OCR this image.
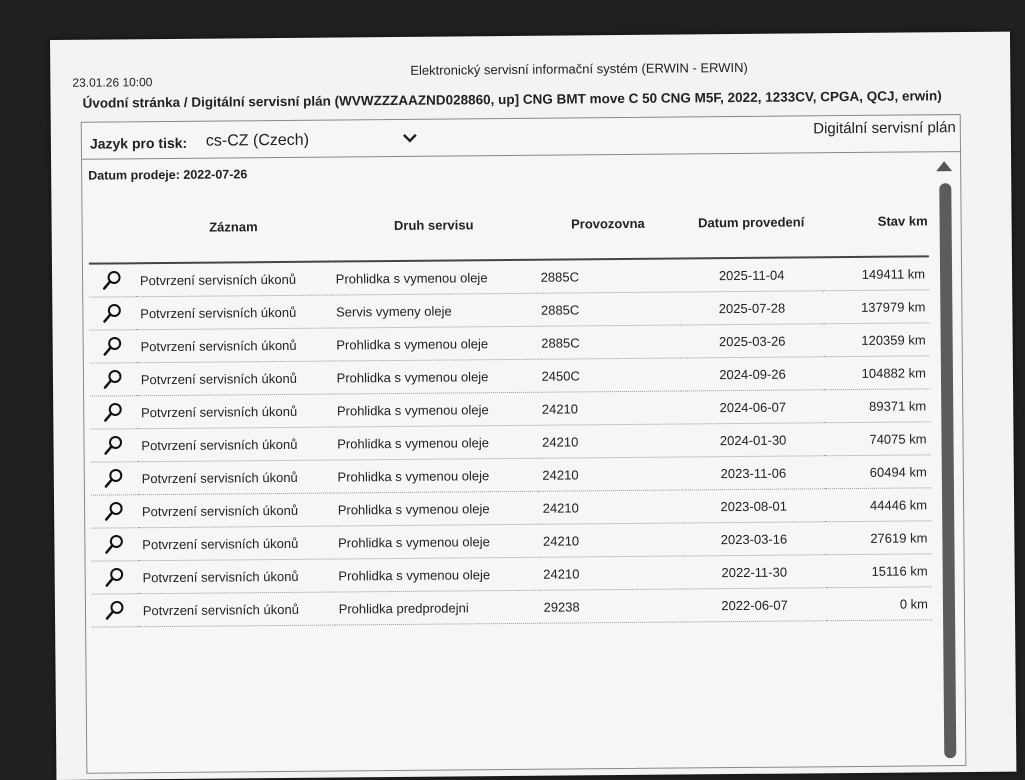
23.01.26 10:00
Elektronický servisní informační systém (ERWIN - ERWIN)
Úvodní stránka / Digitální servisní plán (WVWZZZAAZND028860, up] CNG BMT move C 50 CNG M5F, 2022, 1233CV, CPGA, QCJ, erwin)
Jazyk pro tisk: cs-CZ (Czech)
Digitální servisní plán
Datum prodeje: 2022-07-26
	Záznam	Druh servisu	Provozovna	Datum provedení	Stav km

	Potvrzení servisních úkonů	Prohlidka s vymenou oleje	2885C	2025-11-04	149411 km
	Potvrzení servisních úkonů	Servis vymeny oleje	2885C	2025-07-28	137979 km
	Potvrzení servisních úkonů	Prohlidka s vymenou oleje	2885C	2025-03-26	120359 km
	Potvrzení servisních úkonů	Prohlidka s vymenou oleje	2450C	2024-09-26	104882 km
	Potvrzení servisních úkonů	Prohlidka s vymenou oleje	24210	2024-06-07	89371 km
	Potvrzení servisních úkonů	Prohlidka s vymenou oleje	24210	2024-01-30	74075 km
	Potvrzení servisních úkonů	Prohlidka s vymenou oleje	24210	2023-11-06	60494 km
	Potvrzení servisních úkonů	Prohlidka s vymenou oleje	24210	2023-08-01	44446 km
	Potvrzení servisních úkonů	Prohlidka s vymenou oleje	24210	2023-03-16	27619 km
	Potvrzení servisních úkonů	Prohlidka s vymenou oleje	24210	2022-11-30	15116 km
	Potvrzení servisních úkonů	Prohlidka predprodejni	29238	2022-06-07	0 km
